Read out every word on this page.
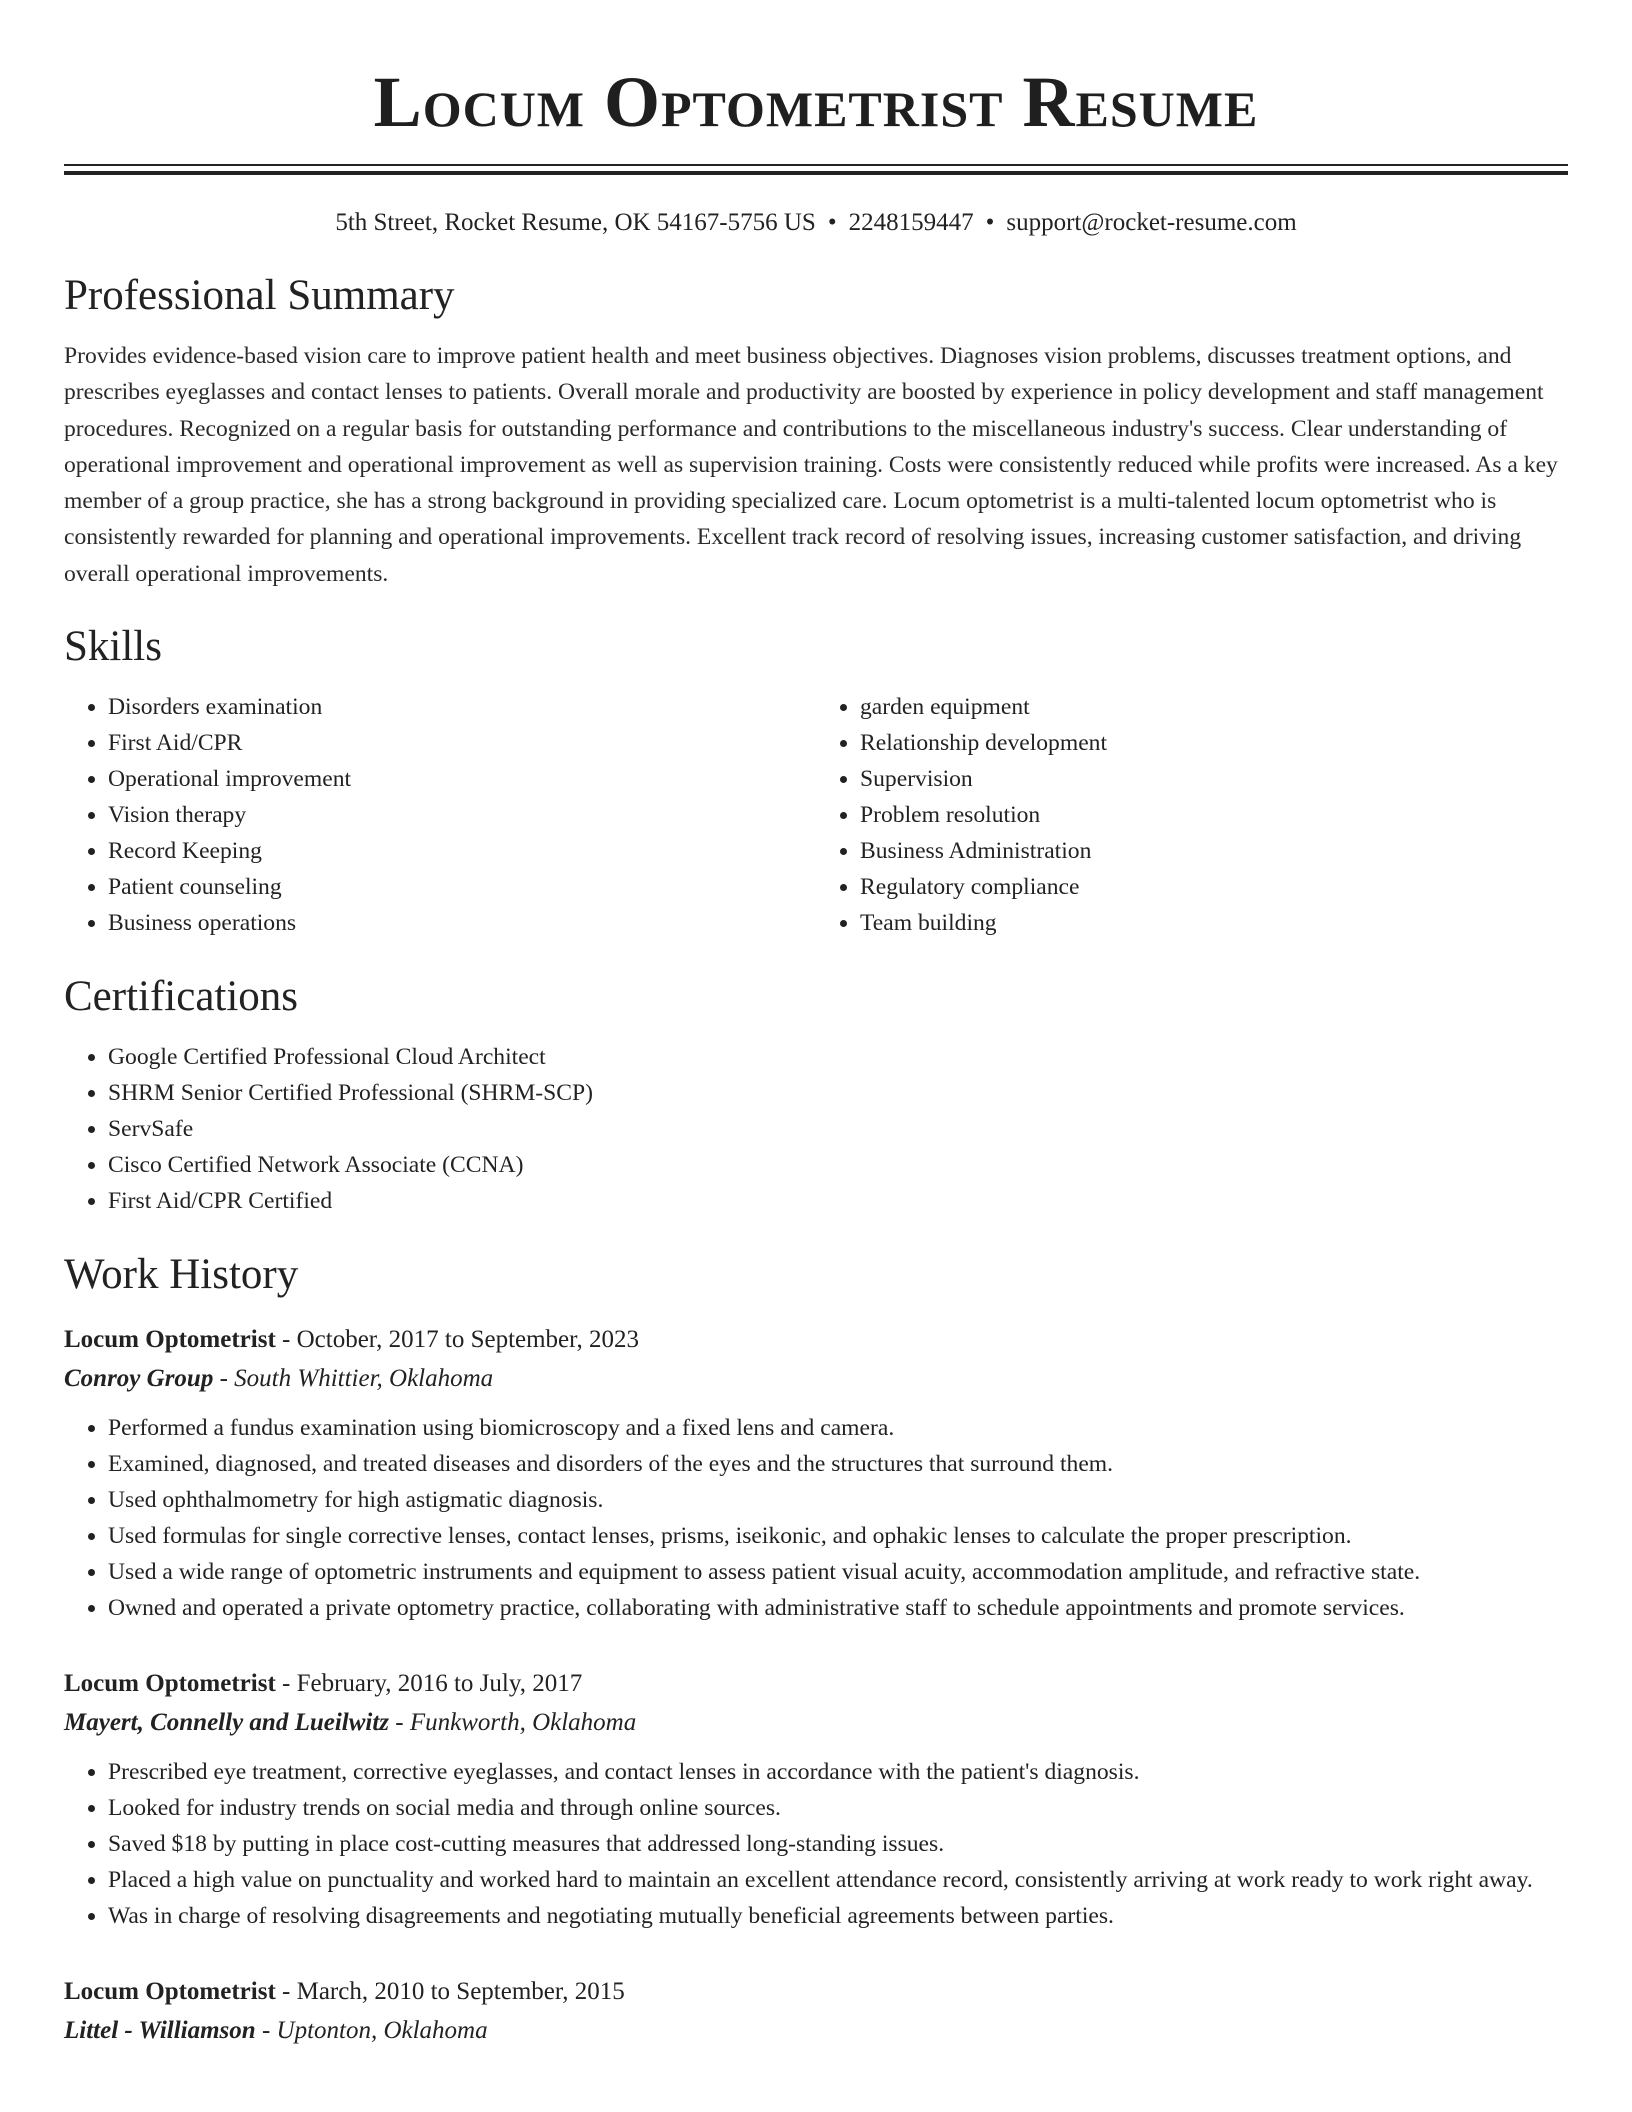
Locum Optometrist Resume
5th Street, Rocket Resume, OK 54167-5756 US • 2248159447 • support@rocket-resume.com
Professional Summary

Provides evidence-based vision care to improve patient health and meet business objectives. Diagnoses vision problems, discusses treatment options, and prescribes eyeglasses and contact lenses to patients. Overall morale and productivity are boosted by experience in policy development and staff management procedures. Recognized on a regular basis for outstanding performance and contributions to the miscellaneous industry's success. Clear understanding of operational improvement and operational improvement as well as supervision training. Costs were consistently reduced while profits were increased. As a key member of a group practice, she has a strong background in providing specialized care. Locum optometrist is a multi-talented locum optometrist who is consistently rewarded for planning and operational improvements. Excellent track record of resolving issues, increasing customer satisfaction, and driving overall operational improvements.

Skills
• Disorders examination
• First Aid/CPR
• Operational improvement
• Vision therapy
• Record Keeping
• Patient counseling
• Business operations
• garden equipment
• Relationship development
• Supervision
• Problem resolution
• Business Administration
• Regulatory compliance
• Team building
Certifications
• Google Certified Professional Cloud Architect
• SHRM Senior Certified Professional (SHRM-SCP)
• ServSafe
• Cisco Certified Network Associate (CCNA)
• First Aid/CPR Certified
Work History
Locum Optometrist - October, 2017 to September, 2023
Conroy Group - South Whittier, Oklahoma
• Performed a fundus examination using biomicroscopy and a fixed lens and camera.
• Examined, diagnosed, and treated diseases and disorders of the eyes and the structures that surround them.
• Used ophthalmometry for high astigmatic diagnosis.
• Used formulas for single corrective lenses, contact lenses, prisms, iseikonic, and ophakic lenses to calculate the proper prescription.
• Used a wide range of optometric instruments and equipment to assess patient visual acuity, accommodation amplitude, and refractive state.
• Owned and operated a private optometry practice, collaborating with administrative staff to schedule appointments and promote services.
Locum Optometrist - February, 2016 to July, 2017
Mayert, Connelly and Lueilwitz - Funkworth, Oklahoma
• Prescribed eye treatment, corrective eyeglasses, and contact lenses in accordance with the patient's diagnosis.
• Looked for industry trends on social media and through online sources.
• Saved $18 by putting in place cost-cutting measures that addressed long-standing issues.
• Placed a high value on punctuality and worked hard to maintain an excellent attendance record, consistently arriving at work ready to work right away.
• Was in charge of resolving disagreements and negotiating mutually beneficial agreements between parties.
Locum Optometrist - March, 2010 to September, 2015
Littel - Williamson - Uptonton, Oklahoma
